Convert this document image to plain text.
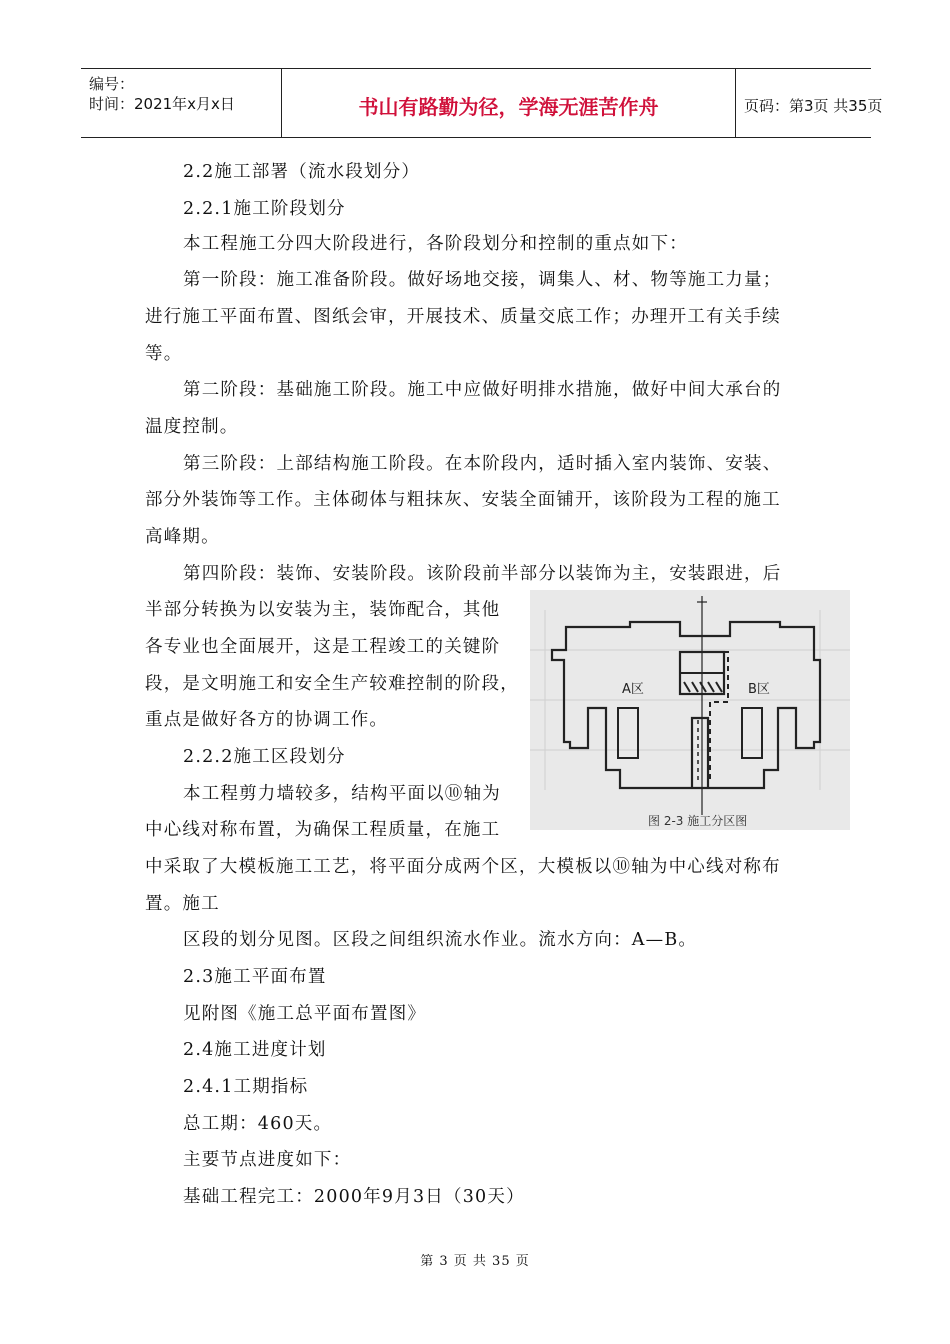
编号：
时间：2021年x月x日	书山有路勤为径，学海无涯苦作舟	页码：第3页 共35页
2.2施工部署（流水段划分）
2.2.1施工阶段划分
本工程施工分四大阶段进行，各阶段划分和控制的重点如下：
第一阶段：施工准备阶段。做好场地交接，调集人、材、物等施工力量；
进行施工平面布置、图纸会审，开展技术、质量交底工作；办理开工有关手续
等。
第二阶段：基础施工阶段。施工中应做好明排水措施，做好中间大承台的
温度控制。
第三阶段：上部结构施工阶段。在本阶段内，适时插入室内装饰、安装、
部分外装饰等工作。主体砌体与粗抹灰、安装全面铺开，该阶段为工程的施工
高峰期。
第四阶段：装饰、安装阶段。该阶段前半部分以装饰为主，安装跟进，后
半部分转换为以安装为主，装饰配合，其他
各专业也全面展开，这是工程竣工的关键阶
段，是文明施工和安全生产较难控制的阶段，
重点是做好各方的协调工作。
2.2.2施工区段划分
本工程剪力墙较多，结构平面以⑩轴为
中心线对称布置，为确保工程质量，在施工
中采取了大模板施工工艺，将平面分成两个区，大模板以⑩轴为中心线对称布
置。施工
区段的划分见图。区段之间组织流水作业。流水方向：A—B。
2.3施工平面布置
见附图《施工总平面布置图》
2.4施工进度计划
2.4.1工期指标
总工期：460天。
主要节点进度如下：
基础工程完工：2000年9月3日（30天）
A区	B区
图 2-3 施工分区图
第 3 页 共 35 页
